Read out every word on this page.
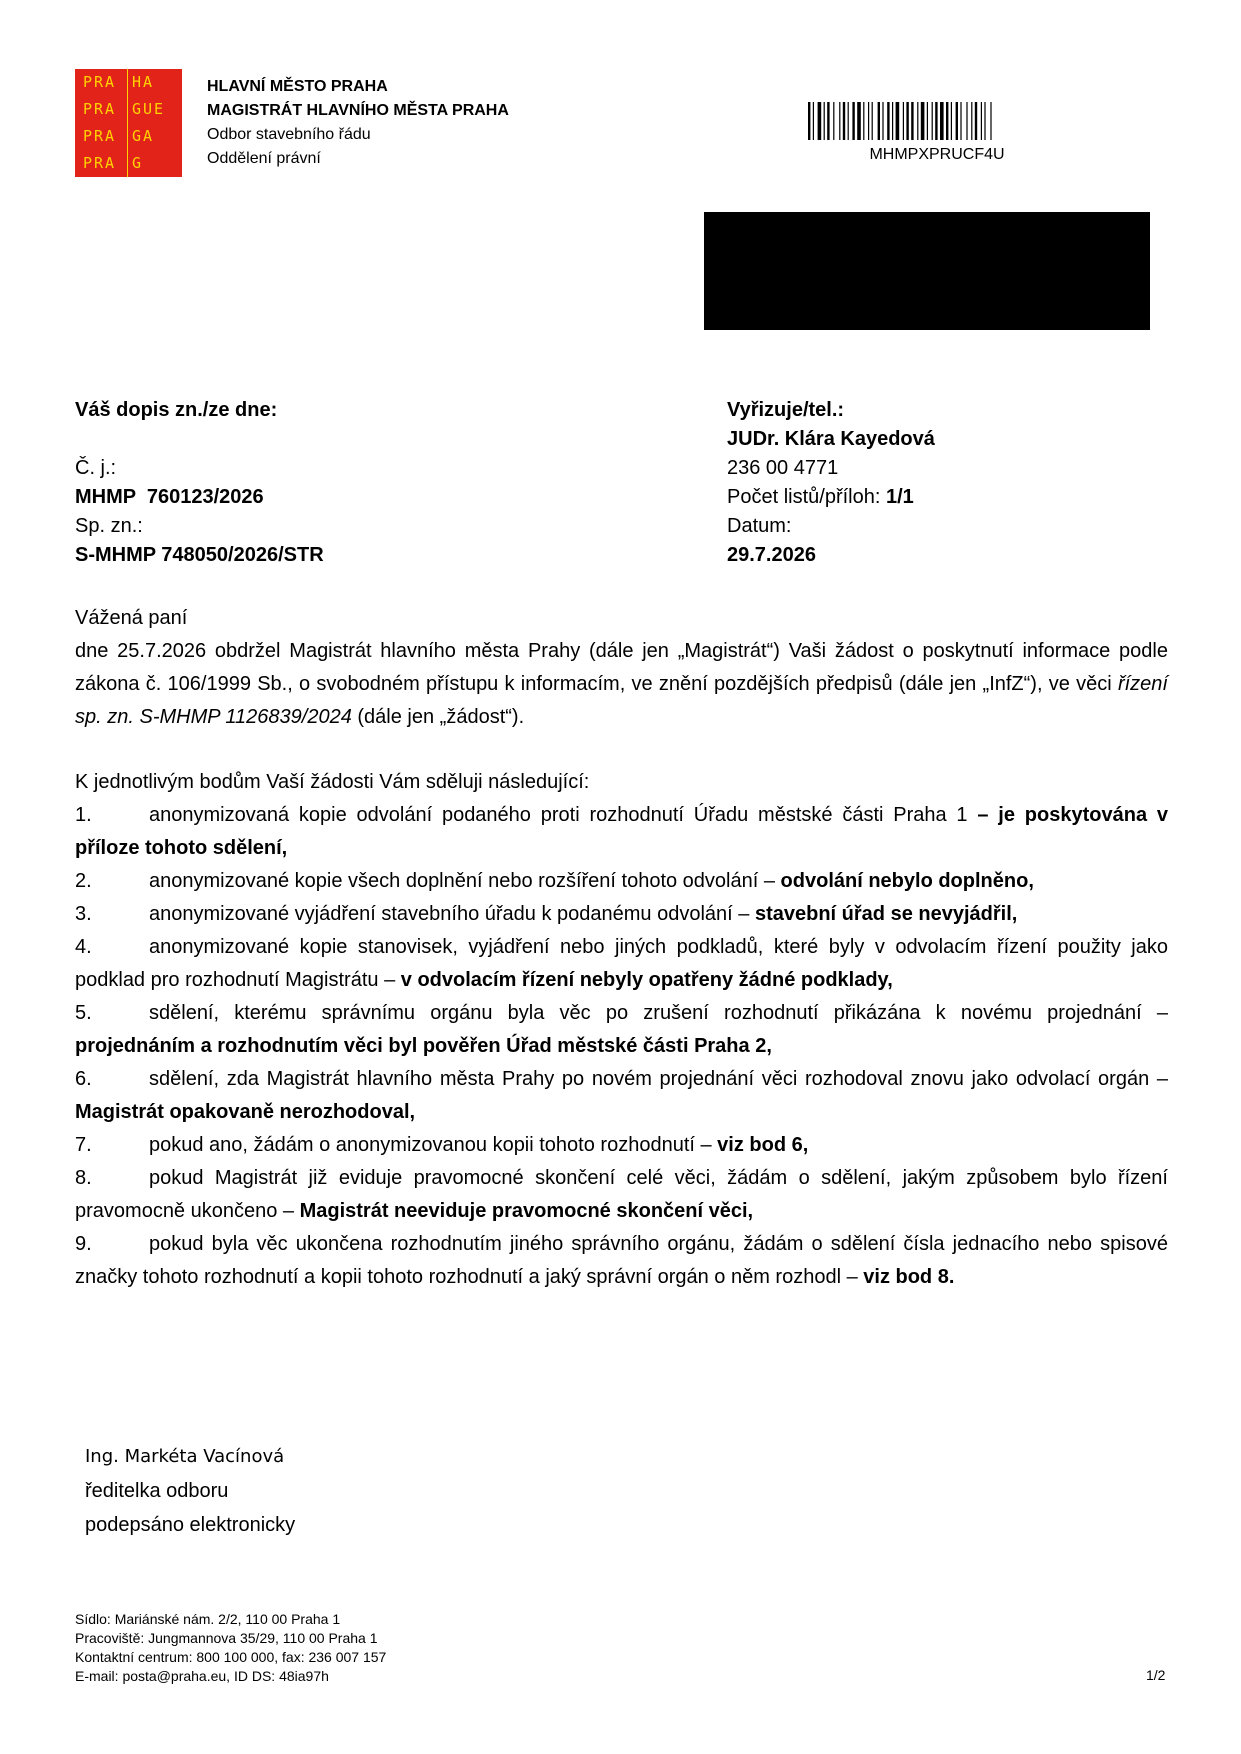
PRA HA
PRA GUE
PRA GA
PRA G
HLAVNÍ MĚSTO PRAHA
MAGISTRÁT HLAVNÍHO MĚSTA PRAHA
Odbor stavebního řádu
Oddělení právní	MHMPXPRUCF4U
Váš dopis zn./ze dne:
Č. j.:
MHMP  760123/2026
Sp. zn.:
S-MHMP 748050/2026/STR
Vyřizuje/tel.:
JUDr. Klára Kayedová
236 00 4771
Počet listů/příloh: 1/1
Datum:
29.7.2026
Vážená paní
dne 25.7.2026 obdržel Magistrát hlavního města Prahy (dále jen „Magistrát“) Vaši žádost o poskytnutí informace podle zákona č. 106/1999 Sb., o svobodném přístupu k informacím, ve znění pozdějších předpisů (dále jen „InfZ“), ve věci řízení sp. zn. S-MHMP 1126839/2024 (dále jen „žádost“).
K jednotlivým bodům Vaší žádosti Vám sděluji následující:
1.	anonymizovaná kopie odvolání podaného proti rozhodnutí Úřadu městské části Praha 1 – je poskytována v příloze tohoto sdělení,
2.	anonymizované kopie všech doplnění nebo rozšíření tohoto odvolání – odvolání nebylo doplněno,
3.	anonymizované vyjádření stavebního úřadu k podanému odvolání – stavební úřad se nevyjádřil,
4.	anonymizované kopie stanovisek, vyjádření nebo jiných podkladů, které byly v odvolacím řízení použity jako podklad pro rozhodnutí Magistrátu – v odvolacím řízení nebyly opatřeny žádné podklady,
5.	sdělení, kterému správnímu orgánu byla věc po zrušení rozhodnutí přikázána k novému projednání – projednáním a rozhodnutím věci byl pověřen Úřad městské části Praha 2,
6.	sdělení, zda Magistrát hlavního města Prahy po novém projednání věci rozhodoval znovu jako odvolací orgán – Magistrát opakovaně nerozhodoval,
7.	pokud ano, žádám o anonymizovanou kopii tohoto rozhodnutí – viz bod 6,
8.	pokud Magistrát již eviduje pravomocné skončení celé věci, žádám o sdělení, jakým způsobem bylo řízení pravomocně ukončeno – Magistrát neeviduje pravomocné skončení věci,
9.	pokud byla věc ukončena rozhodnutím jiného správního orgánu, žádám o sdělení čísla jednacího nebo spisové značky tohoto rozhodnutí a kopii tohoto rozhodnutí a jaký správní orgán o něm rozhodl – viz bod 8.
Ing. Markéta Vacínová
ředitelka odboru
podepsáno elektronicky
Sídlo: Mariánské nám. 2/2, 110 00 Praha 1
Pracoviště: Jungmannova 35/29, 110 00 Praha 1
Kontaktní centrum: 800 100 000, fax: 236 007 157
E-mail: posta@praha.eu, ID DS: 48ia97h	1/2
